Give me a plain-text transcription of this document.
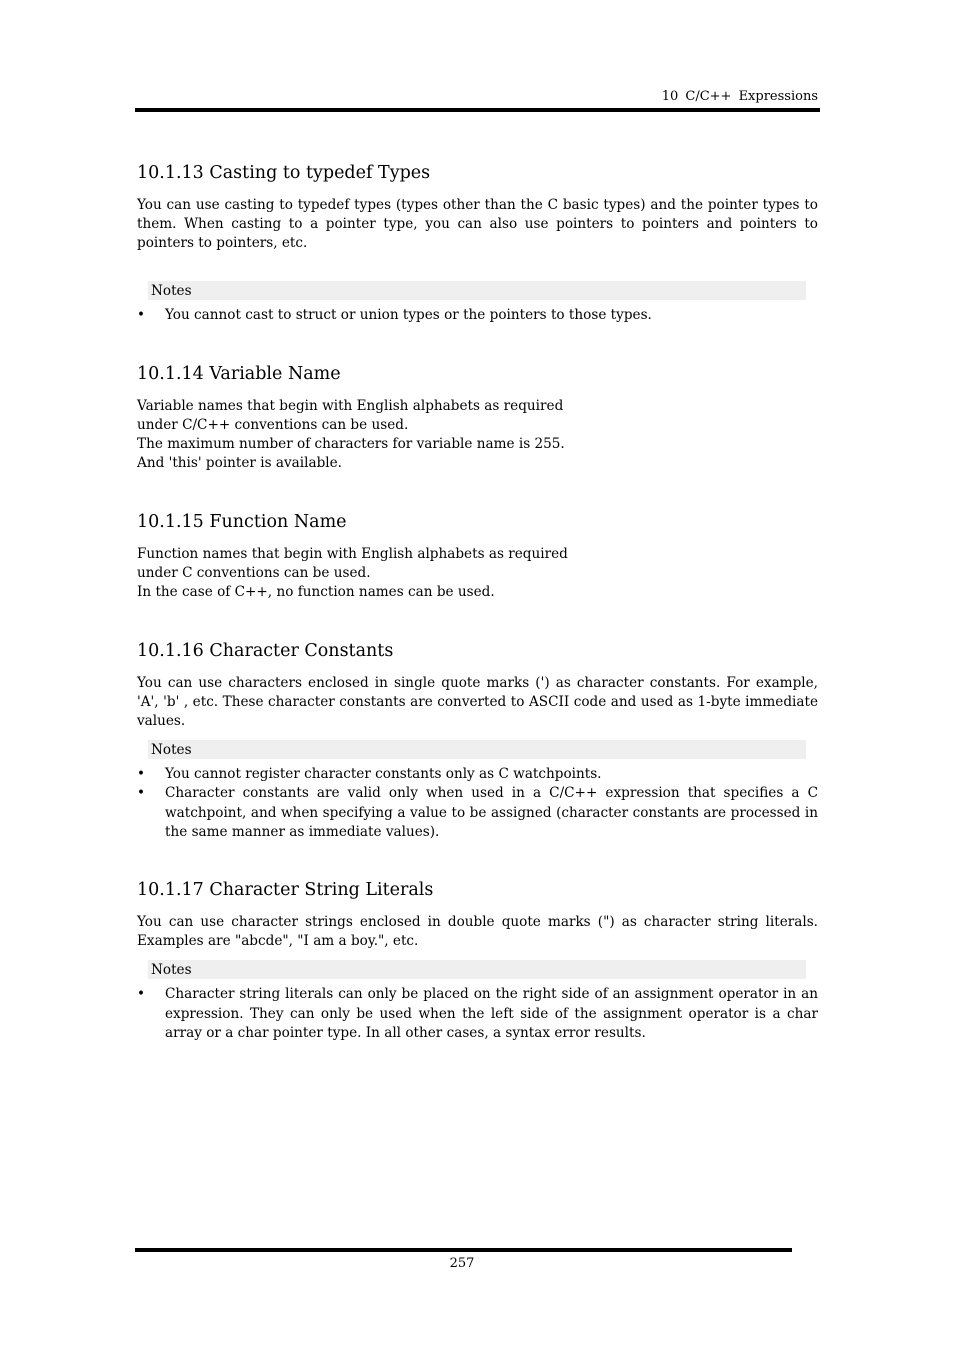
10 C/C++ Expressions
10.1.13 Casting to typedef Types

You can use casting to typedef types (types other than the C basic types) and the pointer types to them. When casting to a pointer type, you can also use pointers to pointers and pointers to pointers to pointers, etc.

Notes
• You cannot cast to struct or union types or the pointers to those types.
10.1.14 Variable Name

Variable names that begin with English alphabets as required
under C/C++ conventions can be used.
The maximum number of characters for variable name is 255.
And 'this' pointer is available.

10.1.15 Function Name

Function names that begin with English alphabets as required
under C conventions can be used.
In the case of C++, no function names can be used.

10.1.16 Character Constants

You can use characters enclosed in single quote marks (') as character constants. For example, 'A', 'b' , etc. These character constants are converted to ASCII code and used as 1-byte immediate values.

Notes
• You cannot register character constants only as C watchpoints.
• Character constants are valid only when used in a C/C++ expression that specifies a C watchpoint, and when specifying a value to be assigned (character constants are processed in the same manner as immediate values).
10.1.17 Character String Literals

You can use character strings enclosed in double quote marks (") as character string literals. Examples are "abcde", "I am a boy.", etc.

Notes
• Character string literals can only be placed on the right side of an assignment operator in an expression. They can only be used when the left side of the assignment operator is a char array or a char pointer type. In all other cases, a syntax error results.
257
